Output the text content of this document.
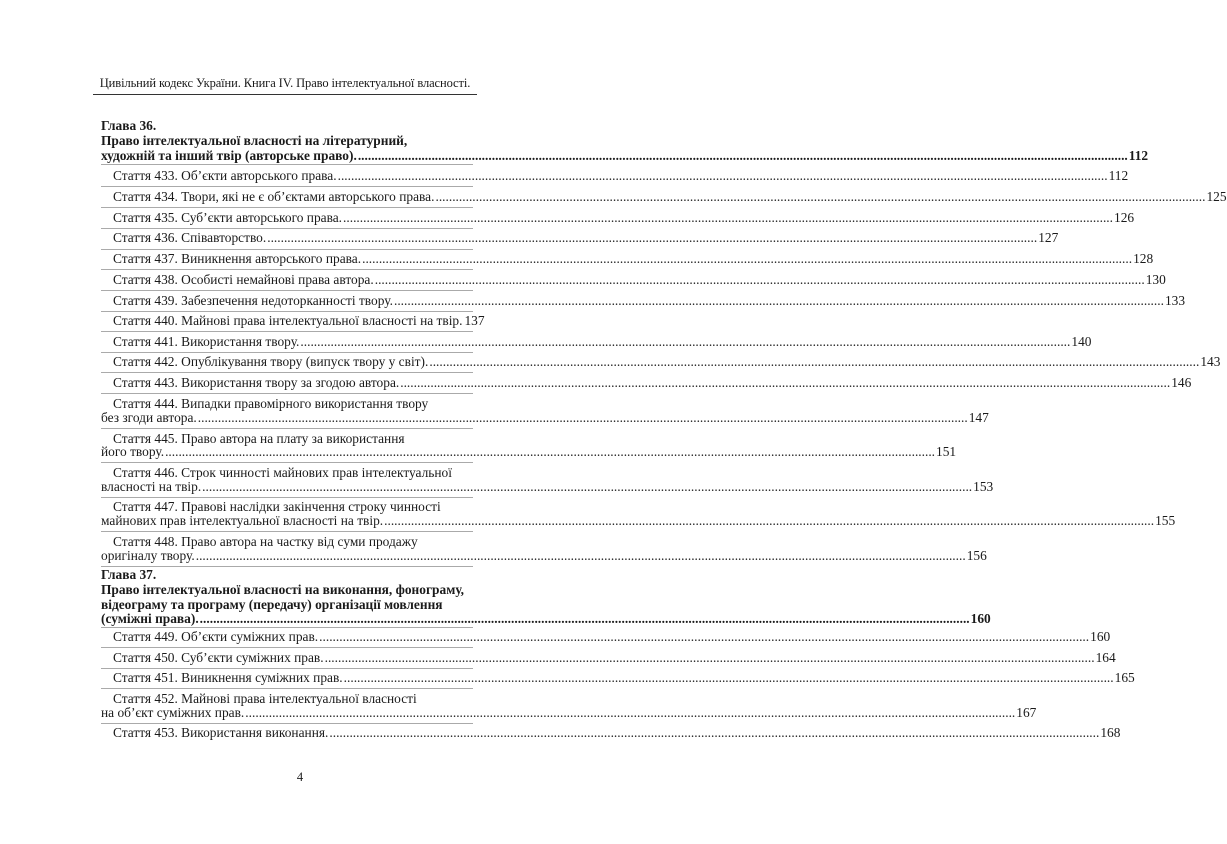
Цивільний кодекс України. Книга IV. Право інтелектуальної власності.
Глава 36.
Право інтелектуальної власності на літературний,
художній та інший твір (авторське право). .....	112
Стаття 433. Об’єкти авторського права. .....	112
Стаття 434. Твори, які не є об’єктами авторського права. .....	125
Стаття 435. Суб’єкти авторського права. .....	126
Стаття 436. Співавторство. .....	127
Стаття 437. Виникнення авторського права. .....	128
Стаття 438. Особисті немайнові права автора. .....	130
Стаття 439. Забезпечення недоторканності твору. .....	133
Стаття 440. Майнові права інтелектуальної власності на твір. ..... 137
Стаття 441. Використання твору. .....	140
Стаття 442. Опублікування твору (випуск твору у світ). .....	143
Стаття 443. Використання твору за згодою автора. .....	146
Стаття 444. Випадки правомірного використання твору
без згоди автора. .....	147
Стаття 445. Право автора на плату за використання
його твору. .....	151
Стаття 446. Строк чинності майнових прав інтелектуальної
власності на твір. .....	153
Стаття 447. Правові наслідки закінчення строку чинності
майнових прав інтелектуальної власності на твір. .....	155
Стаття 448. Право автора на частку від суми продажу
оригіналу твору. .....	156
Глава 37.
Право інтелектуальної власності на виконання, фонограму,
відеограму та програму (передачу) організації мовлення
(суміжні права). .....	160
Стаття 449. Об’єкти суміжних прав. .....	160
Стаття 450. Суб’єкти суміжних прав. .....	164
Стаття 451. Виникнення суміжних прав. .....	165
Стаття 452. Майнові права інтелектуальної власності
на об’єкт суміжних прав. .....	167
Стаття 453. Використання виконання. .....	168
4
